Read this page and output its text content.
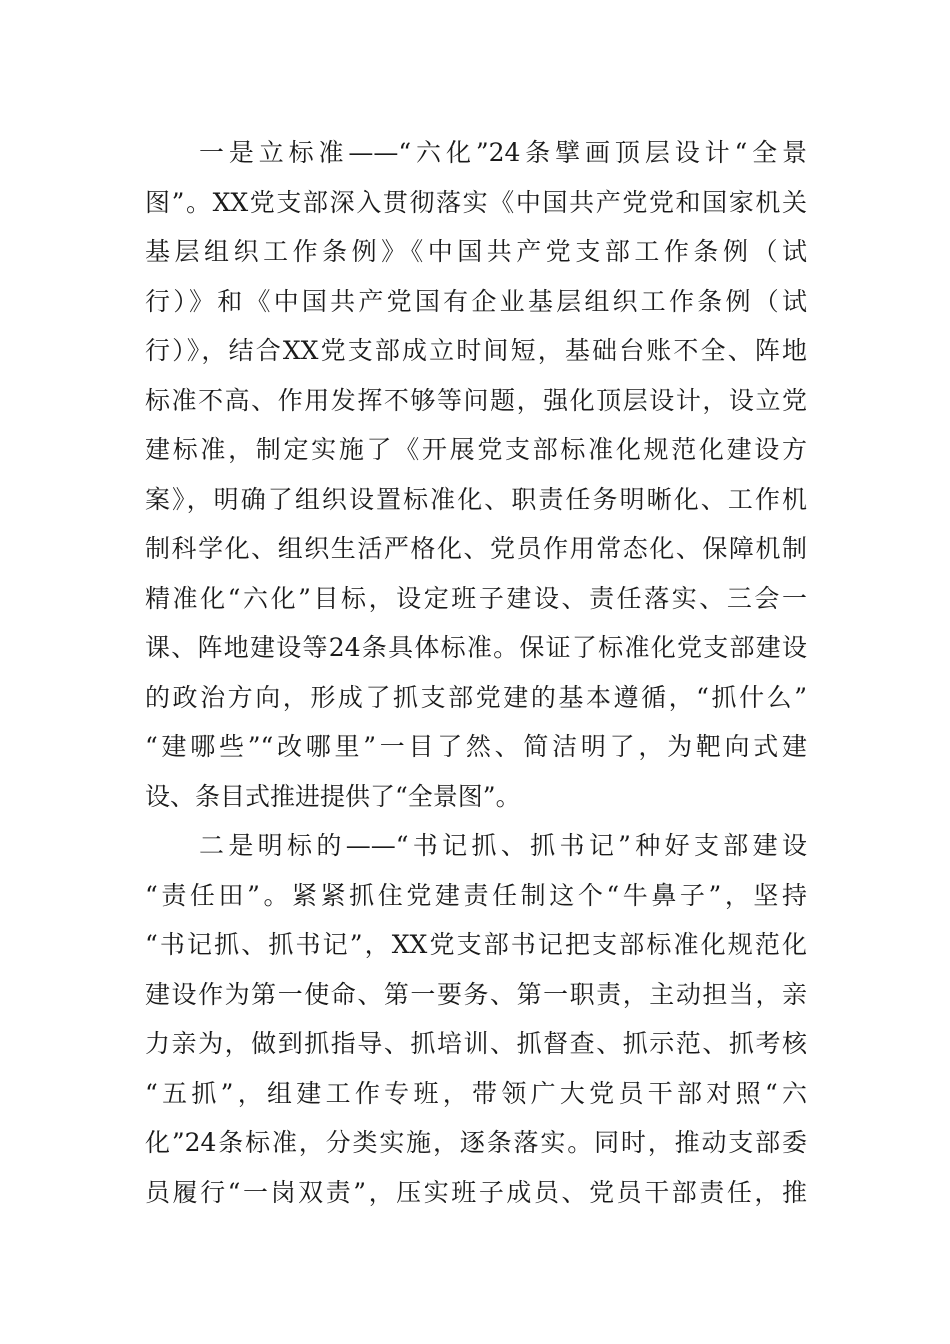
一是立标准——“六化”24条擘画顶层设计“全景
图”。XX党支部深入贯彻落实《中国共产党党和国家机关
基层组织工作条例》《中国共产党支部工作条例（试
行）》和《中国共产党国有企业基层组织工作条例（试
行）》，结合XX党支部成立时间短，基础台账不全、阵地
标准不高、作用发挥不够等问题，强化顶层设计，设立党
建标准，制定实施了《开展党支部标准化规范化建设方
案》，明确了组织设置标准化、职责任务明晰化、工作机
制科学化、组织生活严格化、党员作用常态化、保障机制
精准化“六化”目标，设定班子建设、责任落实、三会一
课、阵地建设等24条具体标准。保证了标准化党支部建设
的政治方向，形成了抓支部党建的基本遵循，“抓什么”
“建哪些”“改哪里”一目了然、简洁明了，为靶向式建
设、条目式推进提供了“全景图”。
二是明标的——“书记抓、抓书记”种好支部建设
“责任田”。紧紧抓住党建责任制这个“牛鼻子”，坚持
“书记抓、抓书记”，XX党支部书记把支部标准化规范化
建设作为第一使命、第一要务、第一职责，主动担当，亲
力亲为，做到抓指导、抓培训、抓督查、抓示范、抓考核
“五抓”，组建工作专班，带领广大党员干部对照“六
化”24条标准，分类实施，逐条落实。同时，推动支部委
员履行“一岗双责”，压实班子成员、党员干部责任，推
